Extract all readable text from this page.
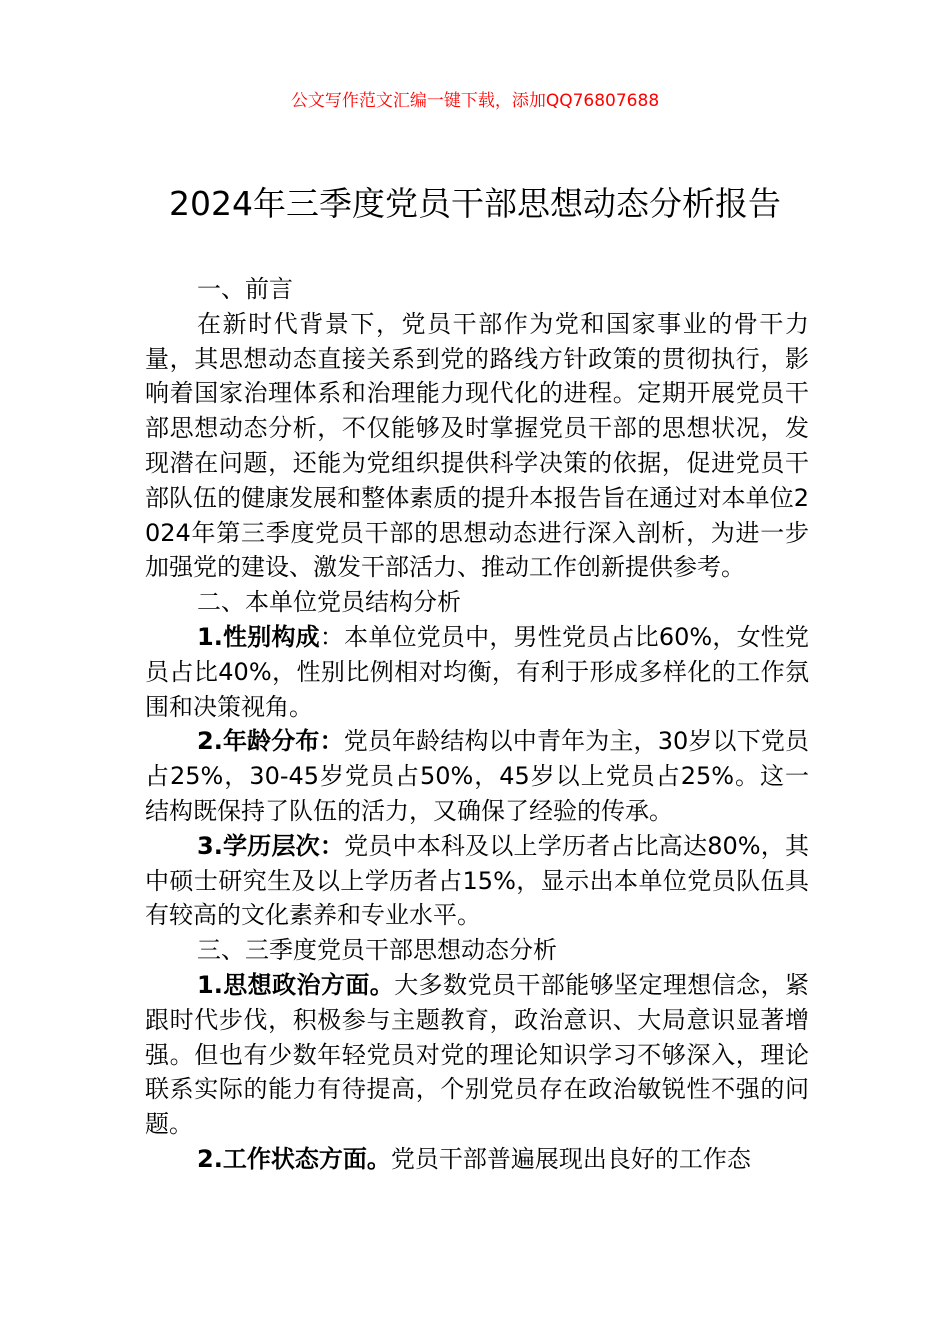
公文写作范文汇编一键下载，添加QQ76807688
2024年三季度党员干部思想动态分析报告

一、前言

在新时代背景下，党员干部作为党和国家事业的骨干力量，其思想动态直接关系到党的路线方针政策的贯彻执行，影响着国家治理体系和治理能力现代化的进程。定期开展党员干部思想动态分析，不仅能够及时掌握党员干部的思想状况，发现潜在问题，还能为党组织提供科学决策的依据，促进党员干部队伍的健康发展和整体素质的提升本报告旨在通过对本单位2024年第三季度党员干部的思想动态进行深入剖析，为进一步加强党的建设、激发干部活力、推动工作创新提供参考。

二、本单位党员结构分析

1.性别构成：本单位党员中，男性党员占比60%，女性党员占比40%，性别比例相对均衡，有利于形成多样化的工作氛围和决策视角。

2.年龄分布：党员年龄结构以中青年为主，30岁以下党员占25%，30-45岁党员占50%，45岁以上党员占25%。这一结构既保持了队伍的活力，又确保了经验的传承。

3.学历层次：党员中本科及以上学历者占比高达80%，其中硕士研究生及以上学历者占15%，显示出本单位党员队伍具有较高的文化素养和专业水平。

三、三季度党员干部思想动态分析

1.思想政治方面。大多数党员干部能够坚定理想信念，紧跟时代步伐，积极参与主题教育，政治意识、大局意识显著增强。但也有少数年轻党员对党的理论知识学习不够深入，理论联系实际的能力有待提高，个别党员存在政治敏锐性不强的问题。

2.工作状态方面。党员干部普遍展现出良好的工作态
